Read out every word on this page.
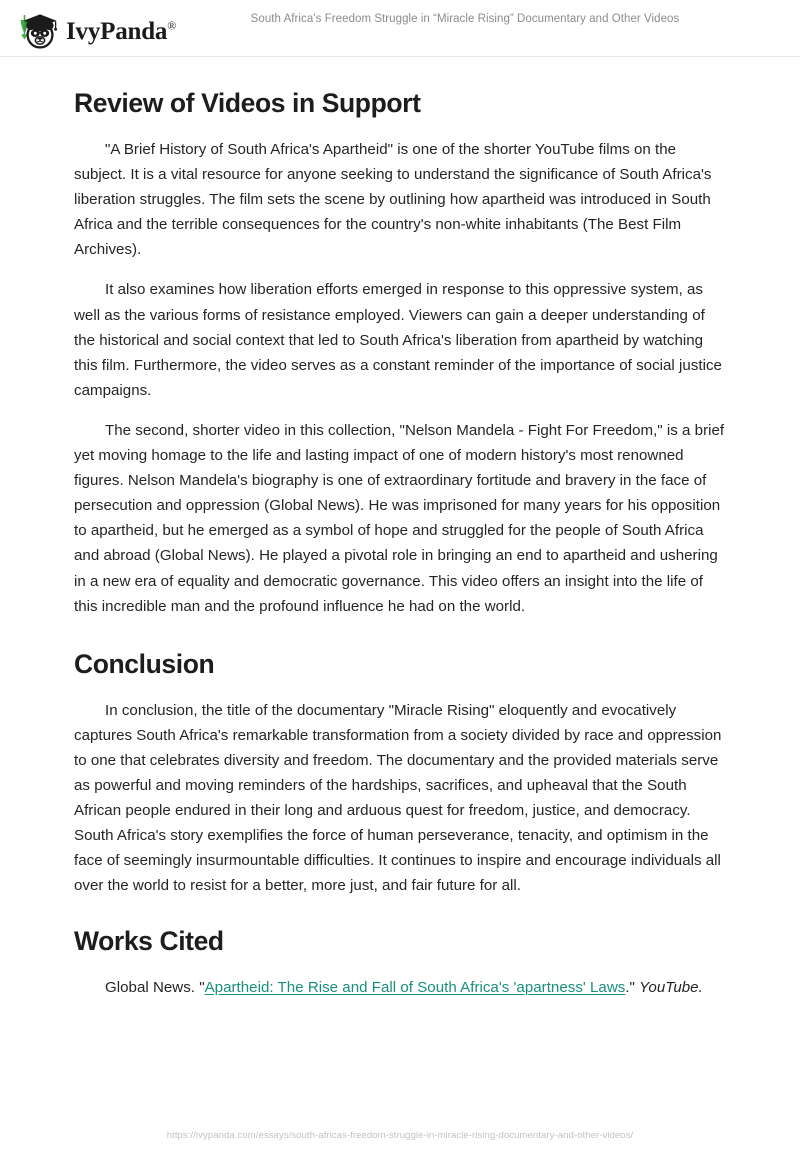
IvyPanda®	South Africa’s Freedom Struggle in “Miracle Rising” Documentary and Other Videos
Review of Videos in Support

"A Brief History of South Africa's Apartheid" is one of the shorter YouTube films on the subject. It is a vital resource for anyone seeking to understand the significance of South Africa's liberation struggles. The film sets the scene by outlining how apartheid was introduced in South Africa and the terrible consequences for the country's non-white inhabitants (The Best Film Archives).

It also examines how liberation efforts emerged in response to this oppressive system, as well as the various forms of resistance employed. Viewers can gain a deeper understanding of the historical and social context that led to South Africa's liberation from apartheid by watching this film. Furthermore, the video serves as a constant reminder of the importance of social justice campaigns.

The second, shorter video in this collection, "Nelson Mandela - Fight For Freedom," is a brief yet moving homage to the life and lasting impact of one of modern history's most renowned figures. Nelson Mandela's biography is one of extraordinary fortitude and bravery in the face of persecution and oppression (Global News). He was imprisoned for many years for his opposition to apartheid, but he emerged as a symbol of hope and struggled for the people of South Africa and abroad (Global News). He played a pivotal role in bringing an end to apartheid and ushering in a new era of equality and democratic governance. This video offers an insight into the life of this incredible man and the profound influence he had on the world.

Conclusion

In conclusion, the title of the documentary "Miracle Rising" eloquently and evocatively captures South Africa's remarkable transformation from a society divided by race and oppression to one that celebrates diversity and freedom. The documentary and the provided materials serve as powerful and moving reminders of the hardships, sacrifices, and upheaval that the South African people endured in their long and arduous quest for freedom, justice, and democracy. South Africa's story exemplifies the force of human perseverance, tenacity, and optimism in the face of seemingly insurmountable difficulties. It continues to inspire and encourage individuals all over the world to resist for a better, more just, and fair future for all.

Works Cited

Global News. "Apartheid: The Rise and Fall of South Africa's 'apartness' Laws." YouTube.

https://ivypanda.com/essays/south-africas-freedom-struggle-in-miracle-rising-documentary-and-other-videos/
